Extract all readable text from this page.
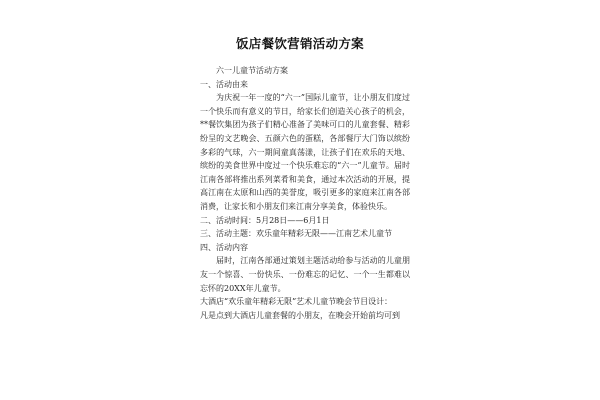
饭店餐饮营销活动方案

六一儿童节活动方案

一、活动由来

为庆祝一年一度的“六一”国际儿童节，让小朋友们度过一个快乐而有意义的节日，给家长们创造关心孩子的机会，**餐饮集团为孩子们精心准备了美味可口的儿童套餐、精彩纷呈的文艺晚会、五颜六色的蛋糕，各部餐厅大门饰以缤纷多彩的气球，六一期间童真荡漾，让孩子们在欢乐的天地、缤纷的美食世界中度过一个快乐难忘的“六一”儿童节。届时江南各部将推出系列菜肴和美食，通过本次活动的开展，提高江南在太原和山西的美誉度，吸引更多的家庭来江南各部消费，让家长和小朋友们来江南分享美食，体验快乐。

二、活动时间：5月28日——6月1日

三、活动主题：欢乐童年精彩无限——江南艺术儿童节

四、活动内容

届时，江南各部通过策划主题活动给参与活动的儿童朋友一个惊喜、一份快乐、一份难忘的记忆、一个一生都难以忘怀的20XX年儿童节。

大酒店“欢乐童年精彩无限”艺术儿童节晚会节目设计：

凡是点到大酒店儿童套餐的小朋友，在晚会开始前均可到
